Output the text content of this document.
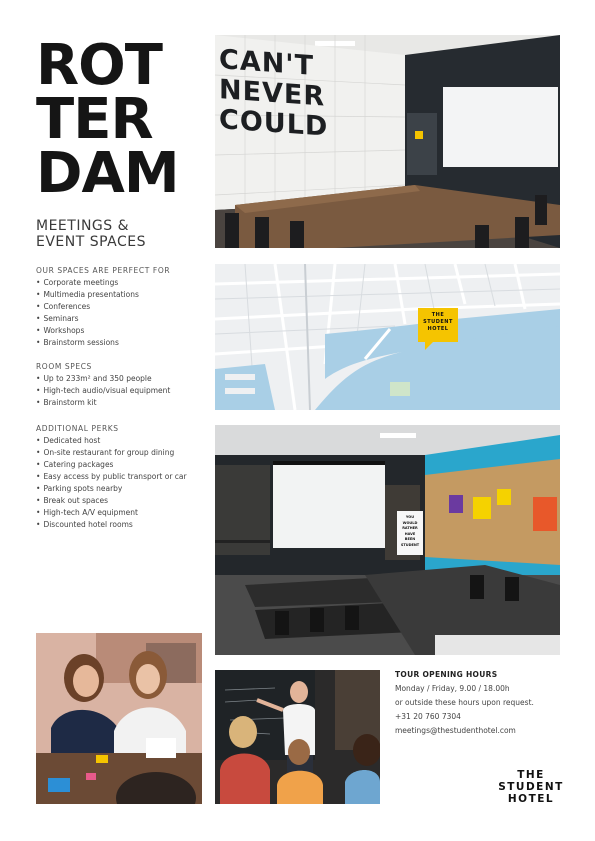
ROT
TER
DAM
MEETINGS &
EVENT SPACES
OUR SPACES ARE PERFECT FOR
• Corporate meetings
• Multimedia presentations
• Conferences
• Seminars
• Workshops
• Brainstorm sessions
ROOM SPECS
• Up to 233m² and 350 people
• High-tech audio/visual equipment
• Brainstorm kit
ADDITIONAL PERKS
• Dedicated host
• On-site restaurant for group dining
• Catering packages
• Easy access by public transport or car
• Parking spots nearby
• Break out spaces
• High-tech A/V equipment
• Discounted hotel rooms
CAN'T
NEVER
COULD
THE
STUDENT
HOTEL
YOU
WOULD
RATHER
HAVE
BEEN
STUDENT
TOUR OPENING HOURS
Monday / Friday, 9.00 / 18.00h
or outside these hours upon request.
+31 20 760 7304
meetings@thestudenthotel.com
THE
STUDENT
HOTEL
